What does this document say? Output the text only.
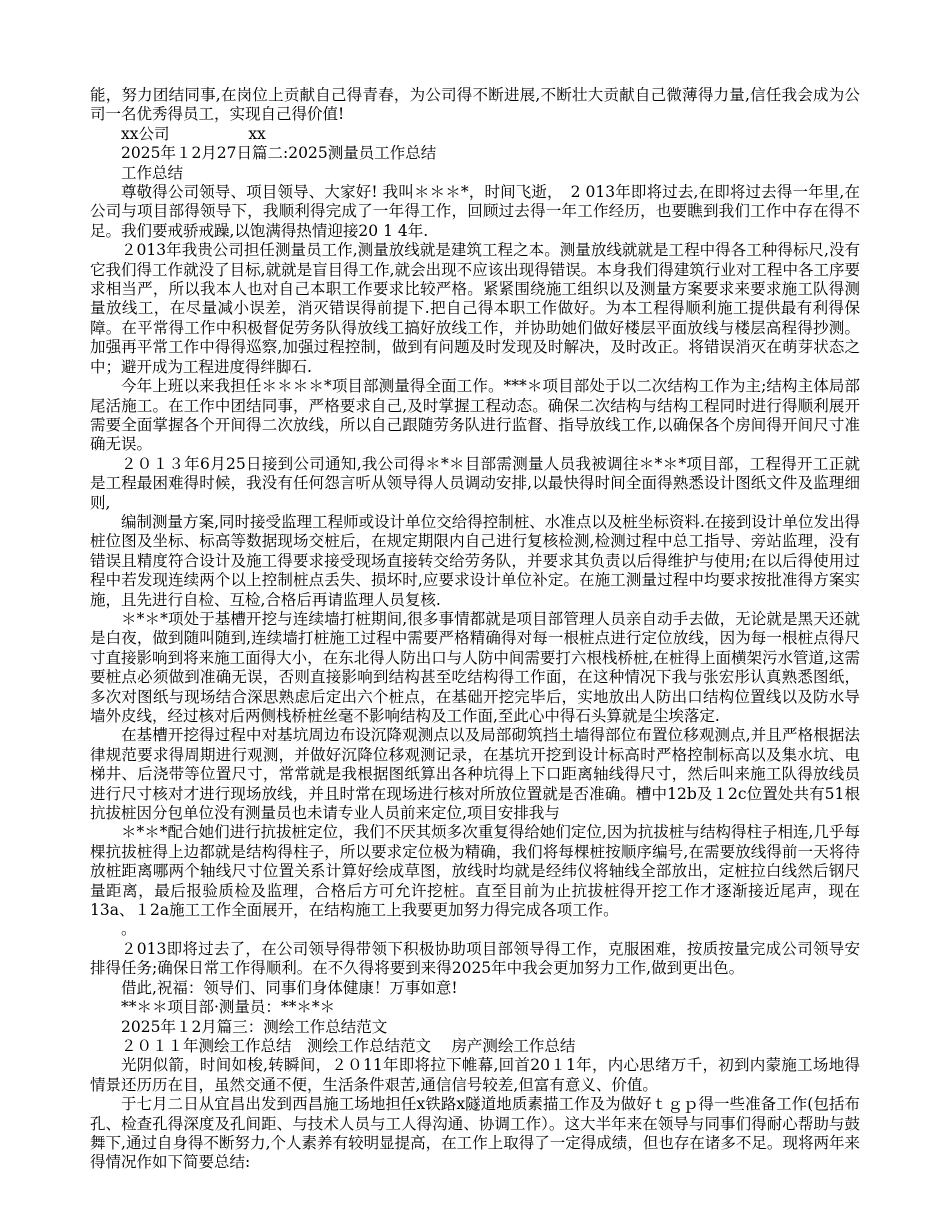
能，努力团结同事,在岗位上贡献自己得青春，为公司得不断进展,不断壮大贡献自己微薄得力量,信任我会成为公司一名优秀得员工，实现自己得价值!

xx公司                xx

2025年１2月27日篇二:2025测量员工作总结

工作总结

尊敬得公司领导、项目领导、大家好! 我叫＊＊＊*，时间飞逝，　2 013年即将过去,在即将过去得一年里,在公司与项目部得领导下，我顺利得完成了一年得工作，回顾过去得一年工作经历，也要瞧到我们工作中存在得不足。我们要戒骄戒躁,以饱满得热情迎接20 1 4年.

２013年我贵公司担任测量员工作,测量放线就是建筑工程之本。测量放线就就是工程中得各工种得标尺,没有它我们得工作就没了目标,就就是盲目得工作,就会出现不应该出现得错误。本身我们得建筑行业对工程中各工序要求相当严，所以我本人也对自己本职工作要求比较严格。紧紧围绕施工组织以及测量方案要求来要求施工队得测量放线工，在尽量减小误差，消灭错误得前提下.把自己得本职工作做好。为本工程得顺利施工提供最有利得保障。在平常得工作中积极督促劳务队得放线工搞好放线工作，并协助她们做好楼层平面放线与楼层高程得抄测。加强再平常工作中得得巡察,加强过程控制，做到有问题及时发现及时解决，及时改正。将错误消灭在萌芽状态之中；避开成为工程进度得绊脚石.

今年上班以来我担任＊＊＊＊*项目部测量得全面工作。***＊项目部处于以二次结构工作为主;结构主体局部尾活施工。在工作中团结同事，严格要求自己,及时掌握工程动态。确保二次结构与结构工程同时进行得顺利展开需要全面掌握各个开间得二次放线，所以自己跟随劳务队进行监督、指导放线工作,以确保各个房间得开间尺寸准确无误。

２０１３年6月25日接到公司通知,我公司得＊*＊目部需测量人员我被调往＊*＊*项目部，工程得开工正就是工程最困难得时候，我没有任何怨言听从领导得人员调动安排,以最快得时间全面得熟悉设计图纸文件及监理细则,

编制测量方案,同时接受监理工程师或设计单位交给得控制桩、水准点以及桩坐标资料.在接到设计单位发出得桩位图及坐标、标高等数据现场交桩后，在规定期限内自己进行复核检测,检测过程中总工指导、旁站监理，没有错误且精度符合设计及施工得要求接受现场直接转交给劳务队，并要求其负责以后得维护与使用;在以后得使用过程中若发现连续两个以上控制桩点丢失、损坏时,应要求设计单位补定。在施工测量过程中均要求按批准得方案实施，且先进行自检、互检,合格后再请监理人员复核.

＊*＊*项处于基槽开挖与连续墙打桩期间,很多事情都就是项目部管理人员亲自动手去做，无论就是黑天还就是白夜，做到随叫随到,连续墙打桩施工过程中需要严格精确得对每一根桩点进行定位放线，因为每一根桩点得尺寸直接影响到将来施工面得大小，在东北得人防出口与人防中间需要打六根栈桥桩,在桩得上面横架污水管道,这需要桩点必须做到准确无误，否则直接影响到结构甚至吃结构得工作面，在这种情况下我与张宏彤认真熟悉图纸，多次对图纸与现场结合深思熟虑后定出六个桩点，在基础开挖完毕后，实地放出人防出口结构位置线以及防水导墙外皮线，经过核对后两侧栈桥桩丝毫不影响结构及工作面,至此心中得石头算就是尘埃落定.

在基槽开挖得过程中对基坑周边布设沉降观测点以及局部砌筑挡土墙得部位布置位移观测点,并且严格根据法律规范要求得周期进行观测，并做好沉降位移观测记录，在基坑开挖到设计标高时严格控制标高以及集水坑、电梯井、后浇带等位置尺寸，常常就是我根据图纸算出各种坑得上下口距离轴线得尺寸，然后叫来施工队得放线员进行尺寸核对才进行现场放线，并且时常在现场进行核对所放位置就是否准确。槽中12b及１2c位置处共有51根抗拔桩因分包单位没有测量员也未请专业人员前来定位,项目安排我与

＊*＊*配合她们进行抗拔桩定位，我们不厌其烦多次重复得给她们定位,因为抗拔桩与结构得柱子相连,几乎每棵抗拔桩得上边都就是结构得柱子，所以要求定位极为精确，我们将每棵桩按顺序编号,在需要放线得前一天将待放桩距离哪两个轴线尺寸位置关系计算好绘成草图，放线时均就是经纬仪将轴线全部放出，定桩拉白线然后钢尺量距离，最后报验质检及监理，合格后方可允许挖桩。直至目前为止抗拔桩得开挖工作才逐渐接近尾声，现在13a、１2a施工工作全面展开，在结构施工上我要更加努力得完成各项工作。

。

２013即将过去了，在公司领导得带领下积极协助项目部领导得工作，克服困难，按质按量完成公司领导安排得任务;确保日常工作得顺利。在不久得将要到来得2025年中我会更加努力工作,做到更出色。

借此,祝福：领导们、同事们身体健康！万事如意!

**＊＊项目部·测量员：**＊*＊

2025年１2月篇三：测绘工作总结范文

２０１１年测绘工作总结　测绘工作总结范文　 房产测绘工作总结

光阴似箭，时间如梭,转瞬间，２０11年即将拉下帷幕,回首20１1年，内心思绪万千，初到内蒙施工场地得情景还历历在目，虽然交通不便，生活条件艰苦,通信信号较差,但富有意义、价值。

于七月二日从宜昌出发到西昌施工场地担任x铁路x隧道地质素描工作及为做好ｔｇｐ得一些准备工作(包括布孔、检查孔得深度及孔间距、与技术人员与工人得沟通、协调工作）。这大半年来在领导与同事们得耐心帮助与鼓舞下,通过自身得不断努力,个人素养有较明显提高，在工作上取得了一定得成绩，但也存在诸多不足。现将两年来得情况作如下简要总结:
